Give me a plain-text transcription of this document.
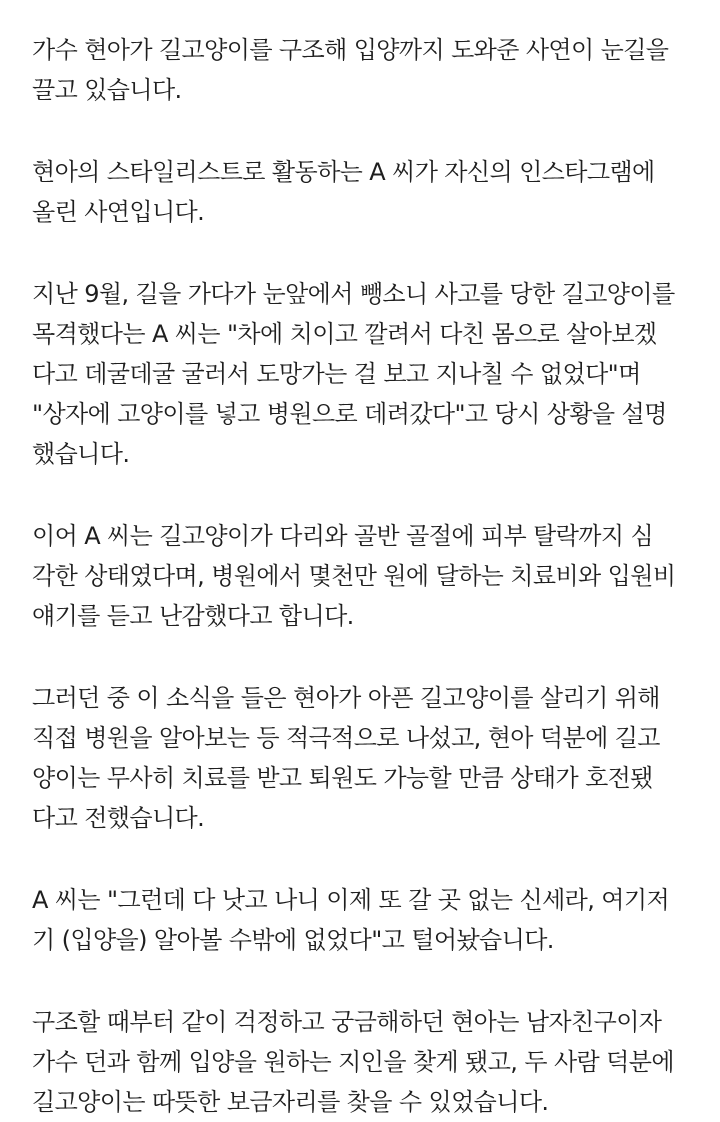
가수 현아가 길고양이를 구조해 입양까지 도와준 사연이 눈길을
끌고 있습니다.

현아의 스타일리스트로 활동하는 A 씨가 자신의 인스타그램에
올린 사연입니다.

지난 9월, 길을 가다가 눈앞에서 뺑소니 사고를 당한 길고양이를
목격했다는 A 씨는 "차에 치이고 깔려서 다친 몸으로 살아보겠
다고 데굴데굴 굴러서 도망가는 걸 보고 지나칠 수 없었다"며
"상자에 고양이를 넣고 병원으로 데려갔다"고 당시 상황을 설명
했습니다.

이어 A 씨는 길고양이가 다리와 골반 골절에 피부 탈락까지 심
각한 상태였다며, 병원에서 몇천만 원에 달하는 치료비와 입원비
얘기를 듣고 난감했다고 합니다.

그러던 중 이 소식을 들은 현아가 아픈 길고양이를 살리기 위해
직접 병원을 알아보는 등 적극적으로 나섰고, 현아 덕분에 길고
양이는 무사히 치료를 받고 퇴원도 가능할 만큼 상태가 호전됐
다고 전했습니다.

A 씨는 "그런데 다 낫고 나니 이제 또 갈 곳 없는 신세라, 여기저
기 (입양을) 알아볼 수밖에 없었다"고 털어놨습니다.

구조할 때부터 같이 걱정하고 궁금해하던 현아는 남자친구이자
가수 던과 함께 입양을 원하는 지인을 찾게 됐고, 두 사람 덕분에
길고양이는 따뜻한 보금자리를 찾을 수 있었습니다.
